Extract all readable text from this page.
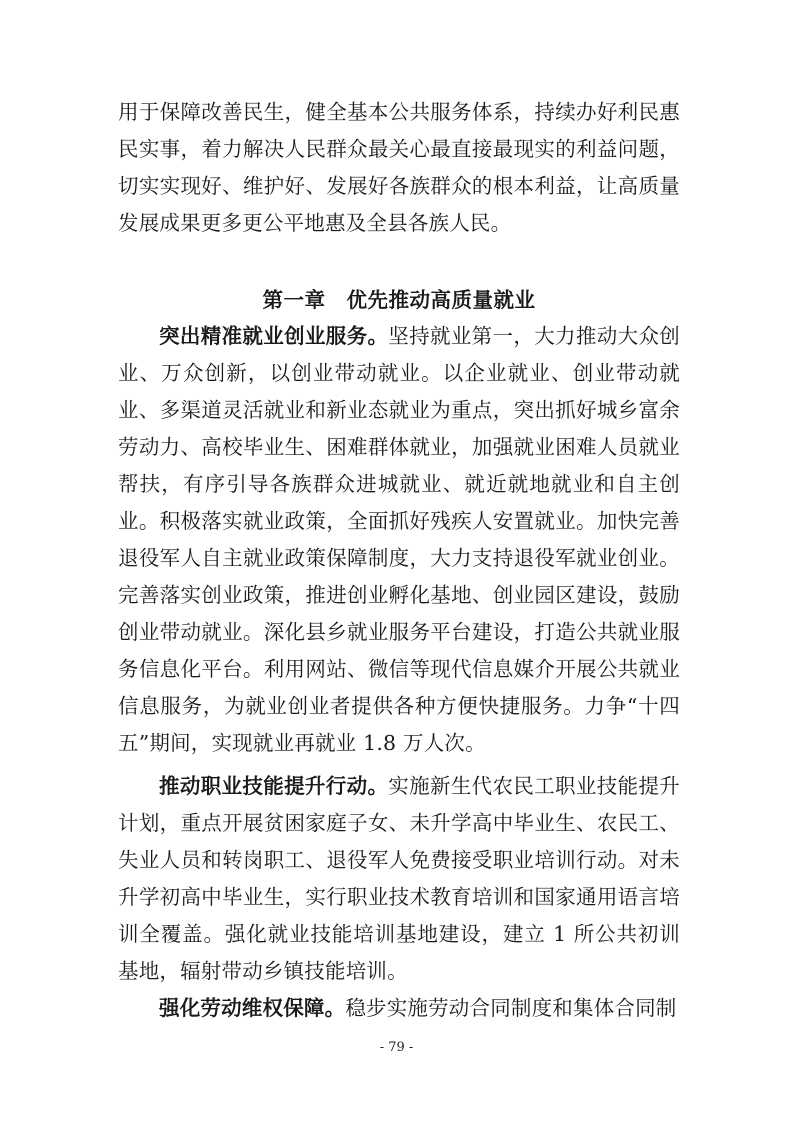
用于保障改善民生，健全基本公共服务体系，持续办好利民惠民实事，着力解决人民群众最关心最直接最现实的利益问题，切实实现好、维护好、发展好各族群众的根本利益，让高质量发展成果更多更公平地惠及全县各族人民。

第一章　优先推动高质量就业

突出精准就业创业服务。坚持就业第一，大力推动大众创业、万众创新，以创业带动就业。以企业就业、创业带动就业、多渠道灵活就业和新业态就业为重点，突出抓好城乡富余劳动力、高校毕业生、困难群体就业，加强就业困难人员就业帮扶，有序引导各族群众进城就业、就近就地就业和自主创业。积极落实就业政策，全面抓好残疾人安置就业。加快完善退役军人自主就业政策保障制度，大力支持退役军就业创业。完善落实创业政策，推进创业孵化基地、创业园区建设，鼓励创业带动就业。深化县乡就业服务平台建设，打造公共就业服务信息化平台。利用网站、微信等现代信息媒介开展公共就业信息服务，为就业创业者提供各种方便快捷服务。力争“十四五”期间，实现就业再就业 1.8 万人次。

推动职业技能提升行动。实施新生代农民工职业技能提升计划，重点开展贫困家庭子女、未升学高中毕业生、农民工、失业人员和转岗职工、退役军人免费接受职业培训行动。对未升学初高中毕业生，实行职业技术教育培训和国家通用语言培训全覆盖。强化就业技能培训基地建设，建立 1 所公共初训基地，辐射带动乡镇技能培训。

强化劳动维权保障。稳步实施劳动合同制度和集体合同制

- 79 -
